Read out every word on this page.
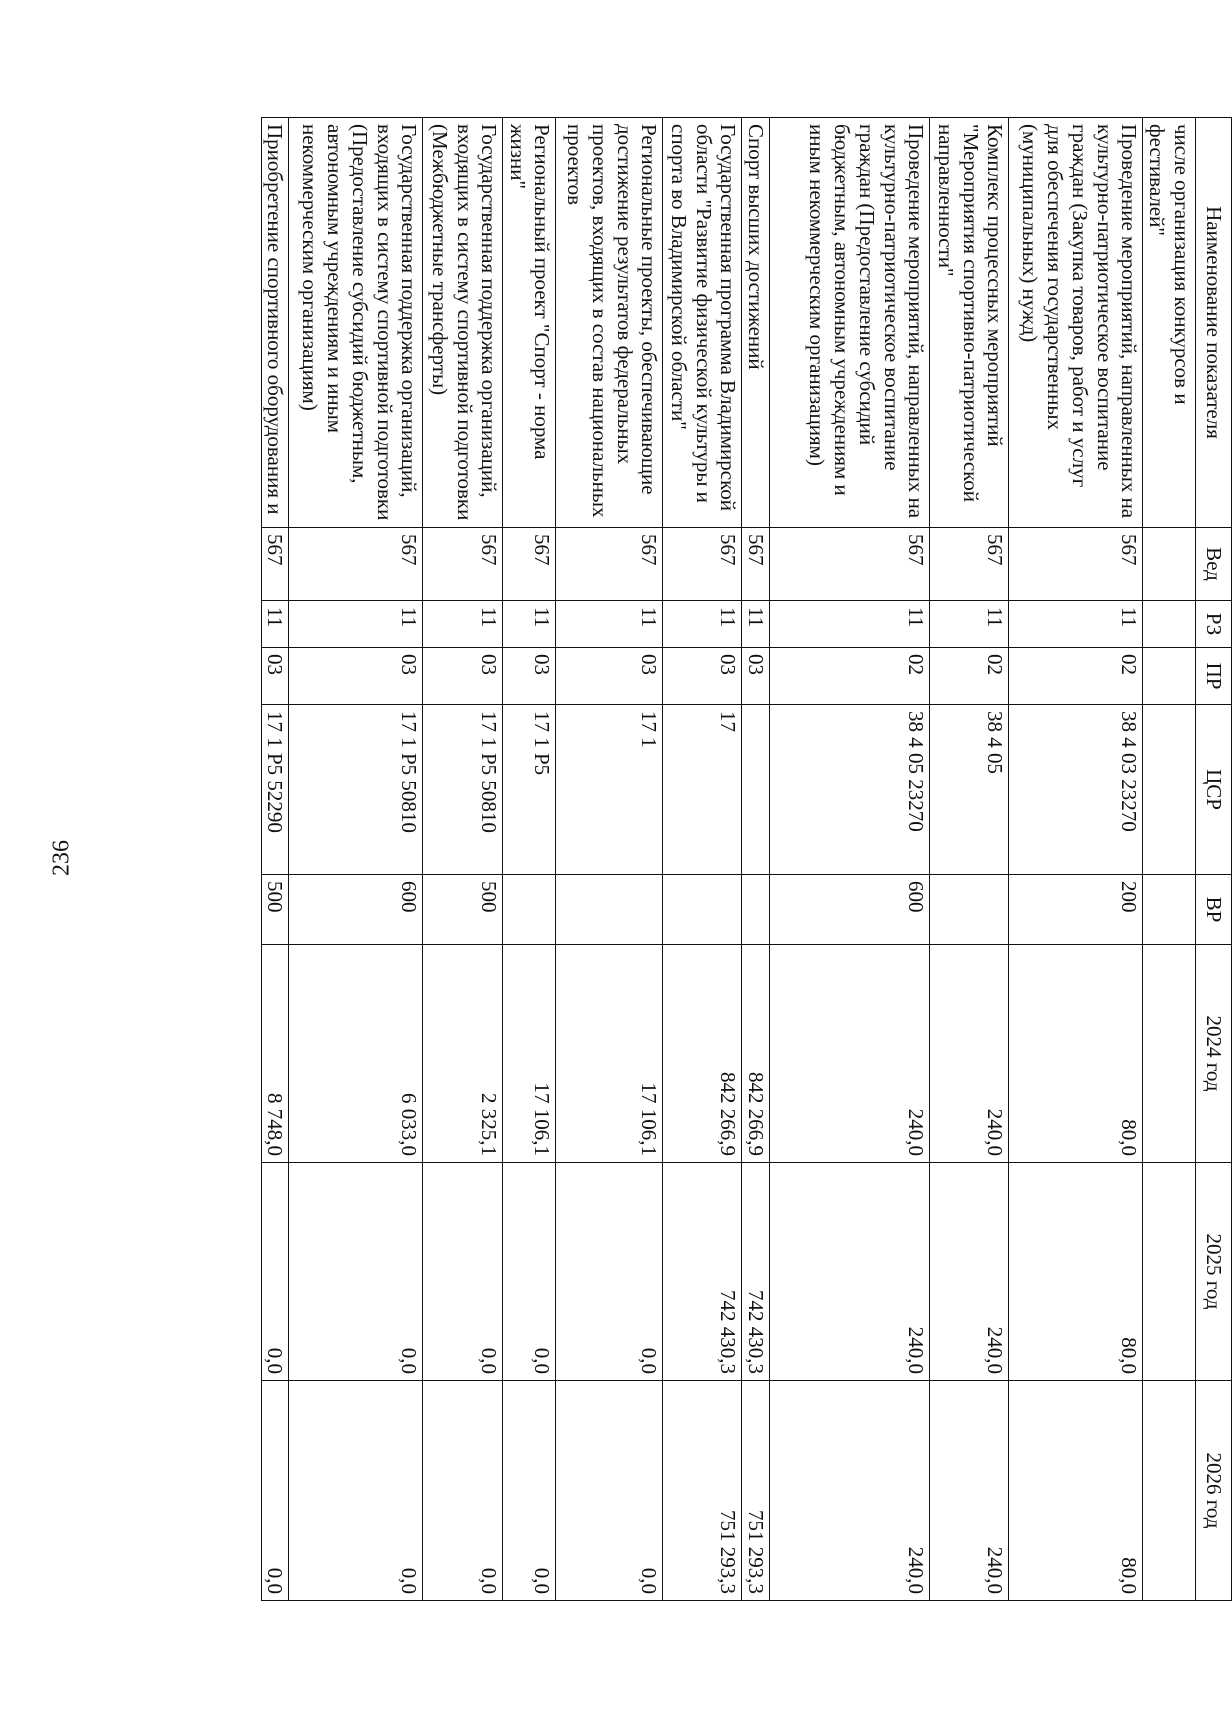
236
Наименование показателя	Вед	РЗ	ПР	ЦСР	ВР	2024 год	2025 год	2026 год
числе организация конкурсов и фестивалей"								
Проведение мероприятий, направленных на культурно-патриотическое воспитание граждан (Закупка товаров, работ и услуг для обеспечения государственных (муниципальных) нужд)	567	11	02	38 4 03 23270	200	80,0	80,0	80,0
Комплекс процессных мероприятий "Мероприятия спортивно-патриотической направленности"	567	11	02	38 4 05		240,0	240,0	240,0
Проведение мероприятий, направленных на культурно-патриотическое воспитание граждан (Предоставление субсидий бюджетным, автономным учреждениям и иным некоммерческим организациям)	567	11	02	38 4 05 23270	600	240,0	240,0	240,0
Спорт высших достижений	567	11	03			842 266,9	742 430,3	751 293,3
Государственная программа Владимирской области "Развитие физической культуры и спорта во Владимирской области"	567	11	03	17		842 266,9	742 430,3	751 293,3
Региональные проекты, обеспечивающие достижение результатов федеральных проектов, входящих в состав национальных проектов	567	11	03	17 1		17 106,1	0,0	0,0
Региональный проект "Спорт - норма жизни"	567	11	03	17 1 Р5		17 106,1	0,0	0,0
Государственная поддержка организаций, входящих в систему спортивной подготовки (Межбюджетные трансферты)	567	11	03	17 1 Р5 50810	500	2 325,1	0,0	0,0
Государственная поддержка организаций, входящих в систему спортивной подготовки (Предоставление субсидий бюджетным, автономным учреждениям и иным некоммерческим организациям)	567	11	03	17 1 Р5 50810	600	6 033,0	0,0	0,0
Приобретение спортивного оборудования и	567	11	03	17 1 Р5 52290	500	8 748,0	0,0	0,0
